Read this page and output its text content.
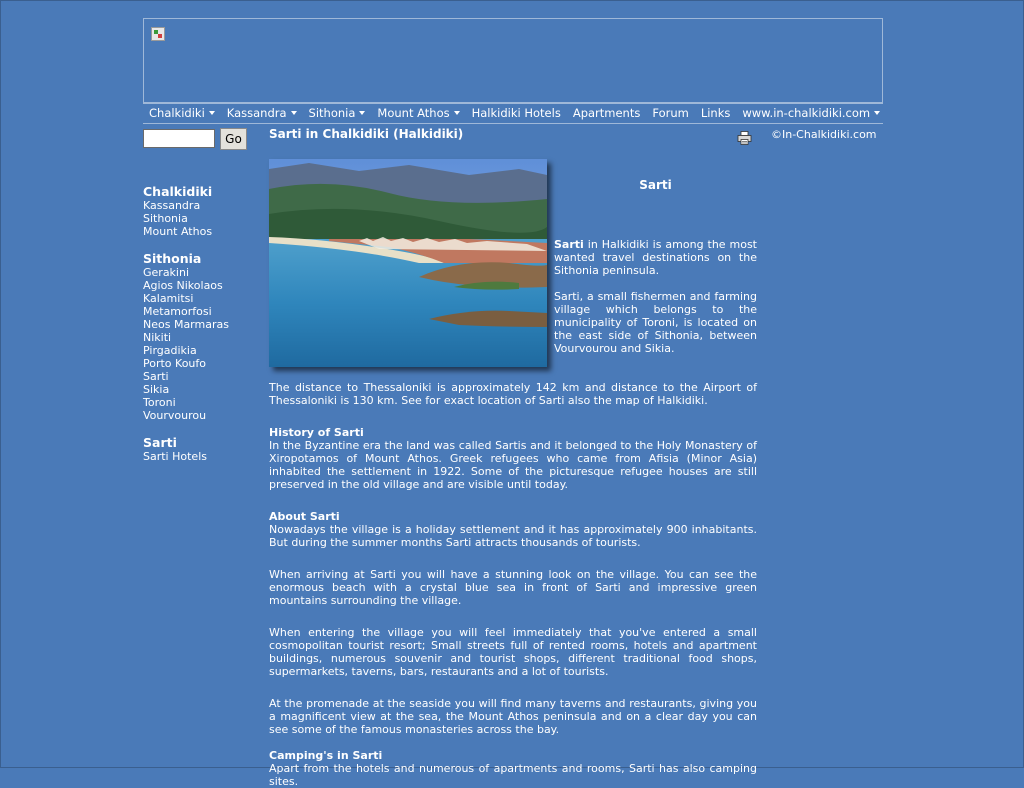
Chalkidiki Kassandra Sithonia Mount Athos Halkidiki Hotels Apartments Forum Links www.in-chalkidiki.com
Go
Chalkidiki
Kassandra
Sithonia
Mount Athos
Sithonia
Gerakini
Agios Nikolaos
Kalamitsi
Metamorfosi
Neos Marmaras
Nikiti
Pirgadikia
Porto Koufo
Sarti
Sikia
Toroni
Vourvourou
Sarti
Sarti Hotels
Sarti in Chalkidiki (Halkidiki)	©In-Chalkidiki.com
Sarti

Sarti in Halkidiki is among the most wanted travel destinations on the Sithonia peninsula.

Sarti, a small fishermen and farming village which belongs to the municipality of Toroni, is located on the east side of Sithonia, between Vourvourou and Sikia.

The distance to Thessaloniki is approximately 142 km and distance to the Airport of Thessaloniki is 130 km. See for exact location of Sarti also the map of Halkidiki.

History of Sarti

In the Byzantine era the land was called Sartis and it belonged to the Holy Monastery of Xiropotamos of Mount Athos. Greek refugees who came from Afisia (Minor Asia) inhabited the settlement in 1922. Some of the picturesque refugee houses are still preserved in the old village and are visible until today.

About Sarti

Nowadays the village is a holiday settlement and it has approximately 900 inhabitants. But during the summer months Sarti attracts thousands of tourists.

When arriving at Sarti you will have a stunning look on the village. You can see the enormous beach with a crystal blue sea in front of Sarti and impressive green mountains surrounding the village.

When entering the village you will feel immediately that you've entered a small cosmopolitan tourist resort; Small streets full of rented rooms, hotels and apartment buildings, numerous souvenir and tourist shops, different traditional food shops, supermarkets, taverns, bars, restaurants and a lot of tourists.

At the promenade at the seaside you will find many taverns and restaurants, giving you a magnificent view at the sea, the Mount Athos peninsula and on a clear day you can see some of the famous monasteries across the bay.

Camping's in Sarti

Apart from the hotels and numerous of apartments and rooms, Sarti has also camping sites.
